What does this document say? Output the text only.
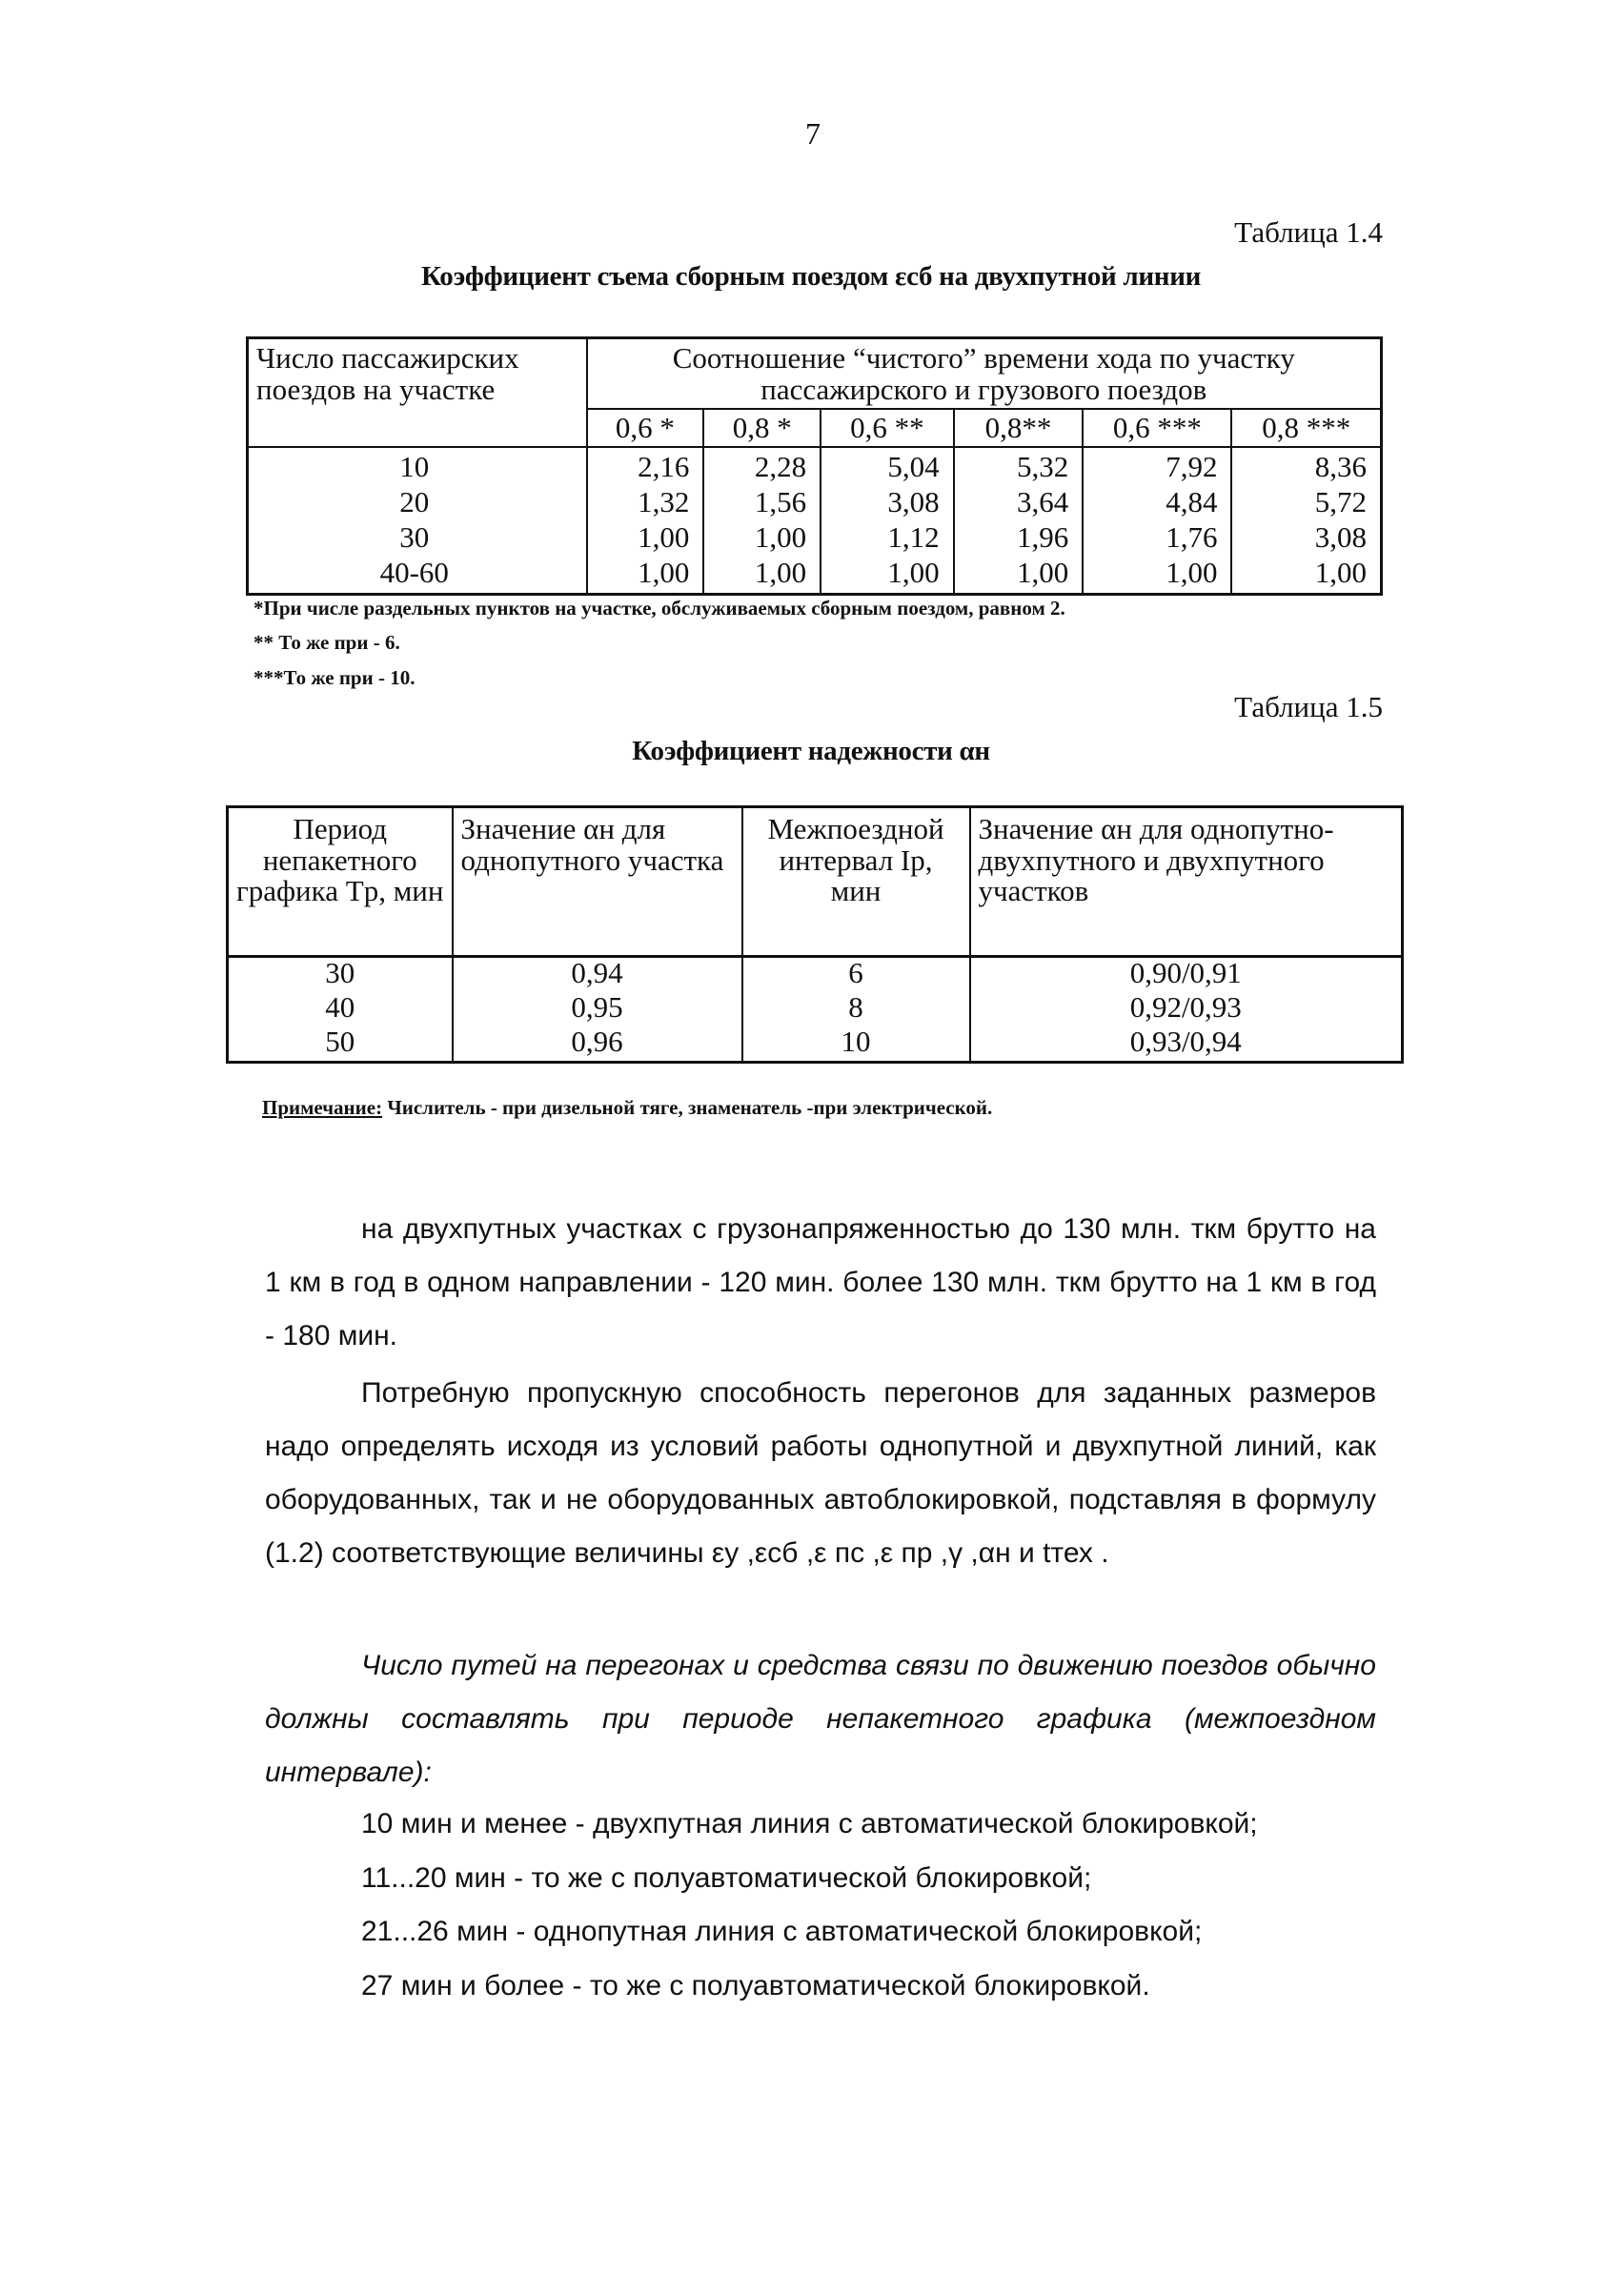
7
Таблица 1.4
Коэффициент съема сборным поездом εсб на двухпутной линии
Число пассажирских поездов на участке	Соотношение “чистого” времени хода по участку пассажирского и грузового поездов					
	0,6 *	0,8 *	0,6 **	0,8**	0,6 ***	0,8 ***
10	2,16	2,28	5,04	5,32	7,92	8,36
20	1,32	1,56	3,08	3,64	4,84	5,72
30	1,00	1,00	1,12	1,96	1,76	3,08
40-60	1,00	1,00	1,00	1,00	1,00	1,00
*При числе раздельных пунктов на участке, обслуживаемых сборным поездом, равном 2.
** То же при - 6.
***То же при - 10.
Таблица 1.5
Коэффициент надежности αн
Период непакетного графика Tр, мин	Значение αн для однопутного участка	Межпоездной интервал Iр, мин	Значение αн для однопутно-двухпутного и двухпутного участков
30	0,94	6	0,90/0,91
40	0,95	8	0,92/0,93
50	0,96	10	0,93/0,94
Примечание: Числитель - при дизельной тяге, знаменатель -при электрической.

на двухпутных участках с грузонапряженностью до 130 млн. ткм брутто на 1 км в год в одном направлении - 120 мин. более 130 млн. ткм брутто на 1 км в год - 180 мин.

Потребную пропускную способность перегонов для заданных размеров надо определять исходя из условий работы однопутной и двухпутной линий, как оборудованных, так и не оборудованных автоблокировкой, подставляя в формулу (1.2) соответствующие величины εу ,εсб ,ε пс ,ε пр ,γ ,αн и tтех .

Число путей на перегонах и средства связи по движению поездов обычно должны составлять при периоде непакетного графика (межпоездном интервале):

10 мин и менее - двухпутная линия с автоматической блокировкой;
11...20 мин - то же с полуавтоматической блокировкой;
21...26 мин - однопутная линия с автоматической блокировкой;
27 мин и более - то же с полуавтоматической блокировкой.
